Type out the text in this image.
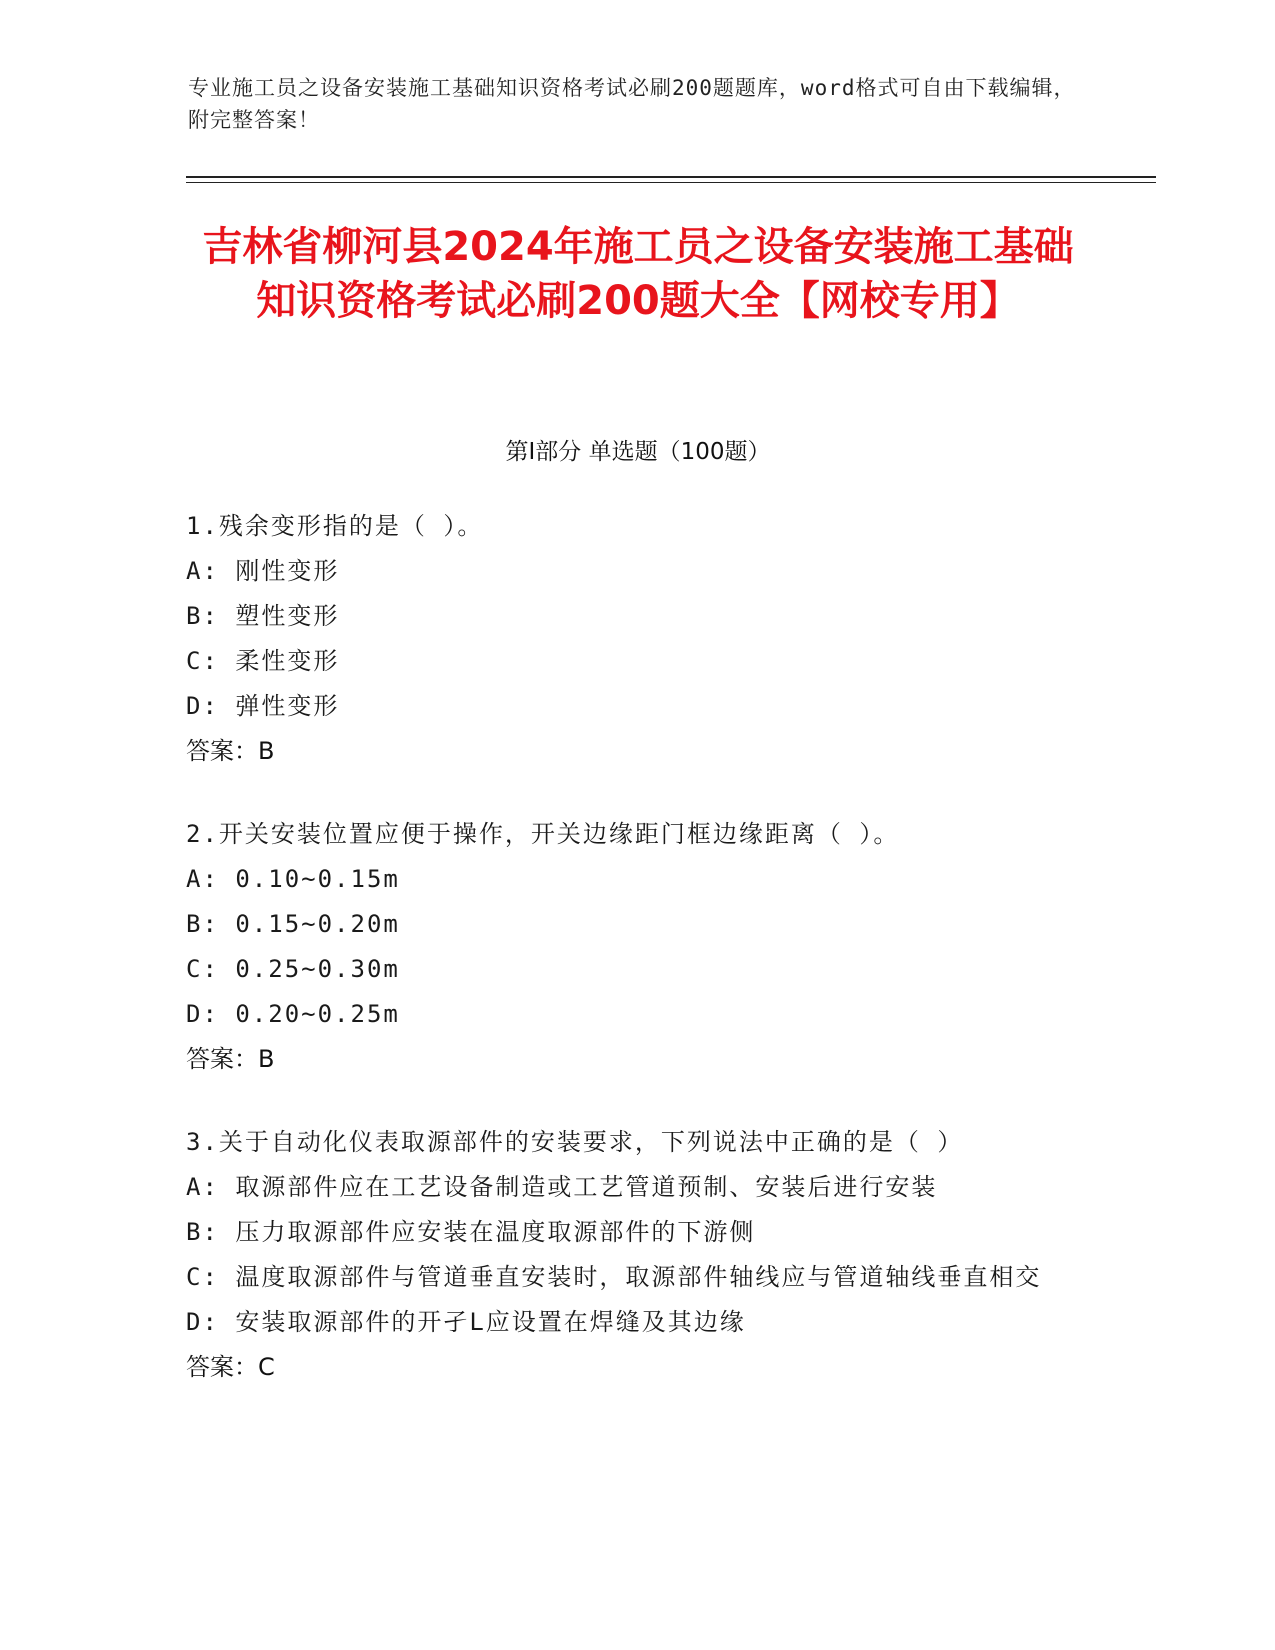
专业施工员之设备安装施工基础知识资格考试必刷200题题库，word格式可自由下载编辑，附完整答案！
吉林省柳河县2024年施工员之设备安装施工基础知识资格考试必刷200题大全【网校专用】
第I部分 单选题（100题）
1.残余变形指的是（ ）。
A: 刚性变形
B: 塑性变形
C: 柔性变形
D: 弹性变形
答案：B
2.开关安装位置应便于操作，开关边缘距门框边缘距离（ ）。
A: 0.10~0.15m
B: 0.15~0.20m
C: 0.25~0.30m
D: 0.20~0.25m
答案：B
3.关于自动化仪表取源部件的安装要求，下列说法中正确的是（ ）
A: 取源部件应在工艺设备制造或工艺管道预制、安装后进行安装
B: 压力取源部件应安装在温度取源部件的下游侧
C: 温度取源部件与管道垂直安装时，取源部件轴线应与管道轴线垂直相交
D: 安装取源部件的开孑L应设置在焊缝及其边缘
答案：C
